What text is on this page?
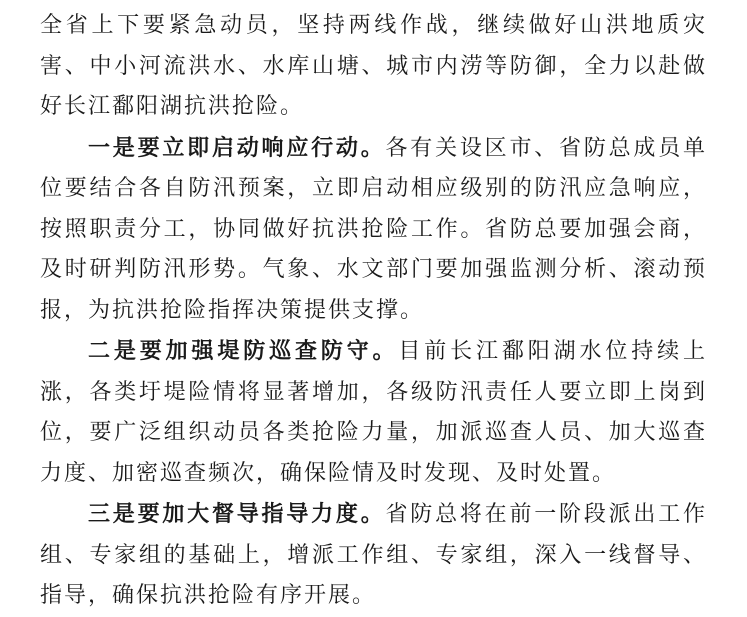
全省上下要紧急动员，坚持两线作战，继续做好山洪地质灾害、中小河流洪水、水库山塘、城市内涝等防御，全力以赴做好长江鄱阳湖抗洪抢险。

一是要立即启动响应行动。各有关设区市、省防总成员单位要结合各自防汛预案，立即启动相应级别的防汛应急响应，按照职责分工，协同做好抗洪抢险工作。省防总要加强会商，及时研判防汛形势。气象、水文部门要加强监测分析、滚动预报，为抗洪抢险指挥决策提供支撑。

二是要加强堤防巡查防守。目前长江鄱阳湖水位持续上涨，各类圩堤险情将显著增加，各级防汛责任人要立即上岗到位，要广泛组织动员各类抢险力量，加派巡查人员、加大巡查力度、加密巡查频次，确保险情及时发现、及时处置。

三是要加大督导指导力度。省防总将在前一阶段派出工作组、专家组的基础上，增派工作组、专家组，深入一线督导、指导，确保抗洪抢险有序开展。
